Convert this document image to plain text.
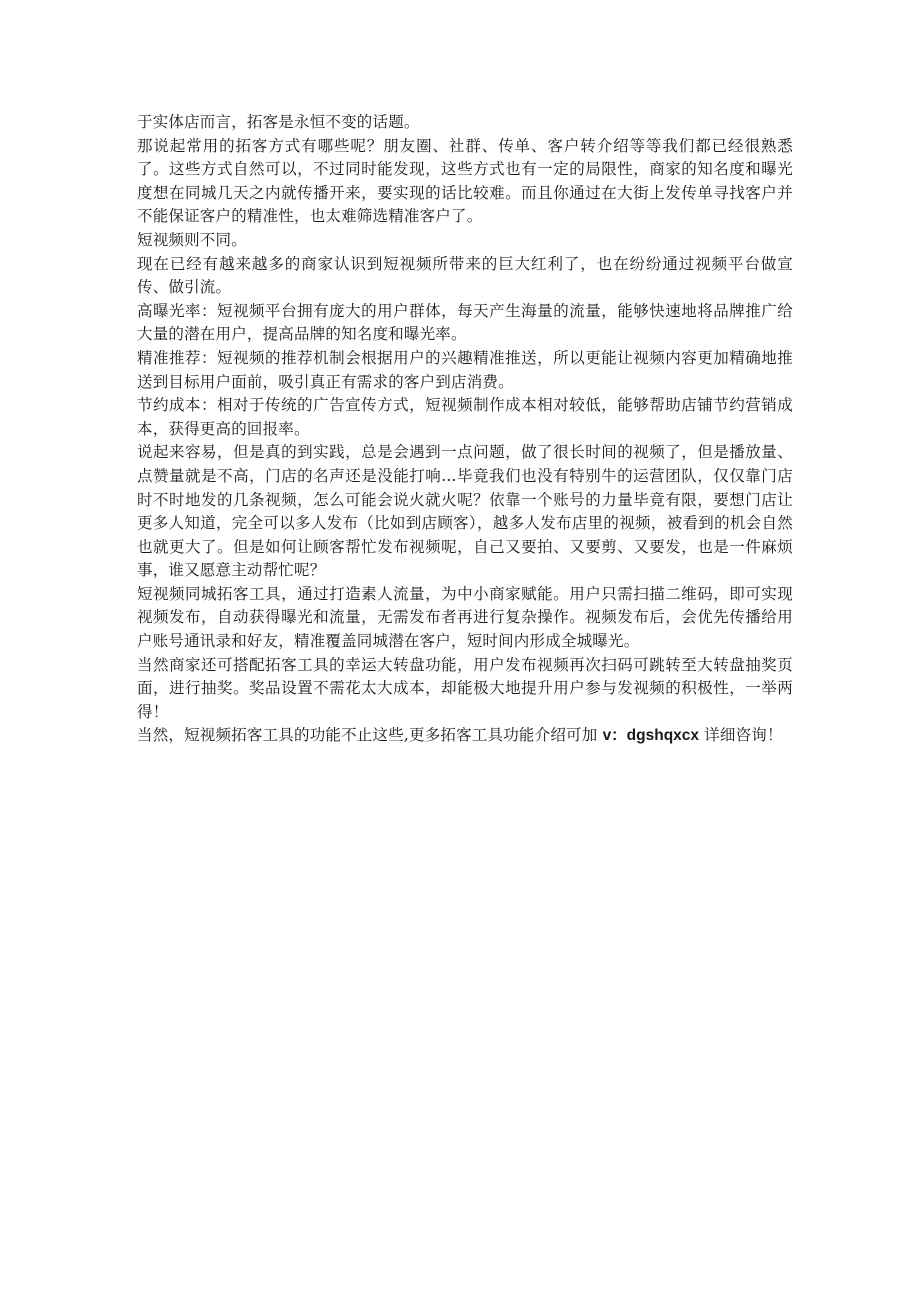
于实体店而言，拓客是永恒不变的话题。

那说起常用的拓客方式有哪些呢？朋友圈、社群、传单、客户转介绍等等我们都已经很熟悉了。这些方式自然可以，不过同时能发现，这些方式也有一定的局限性，商家的知名度和曝光度想在同城几天之内就传播开来，要实现的话比较难。而且你通过在大街上发传单寻找客户并不能保证客户的精准性，也太难筛选精准客户了。

短视频则不同。

现在已经有越来越多的商家认识到短视频所带来的巨大红利了，也在纷纷通过视频平台做宣传、做引流。

高曝光率：短视频平台拥有庞大的用户群体，每天产生海量的流量，能够快速地将品牌推广给大量的潜在用户，提高品牌的知名度和曝光率。

精准推荐：短视频的推荐机制会根据用户的兴趣精准推送，所以更能让视频内容更加精确地推送到目标用户面前，吸引真正有需求的客户到店消费。

节约成本：相对于传统的广告宣传方式，短视频制作成本相对较低，能够帮助店铺节约营销成本，获得更高的回报率。

说起来容易，但是真的到实践，总是会遇到一点问题，做了很长时间的视频了，但是播放量、点赞量就是不高，门店的名声还是没能打响...毕竟我们也没有特别牛的运营团队，仅仅靠门店时不时地发的几条视频，怎么可能会说火就火呢？依靠一个账号的力量毕竟有限，要想门店让更多人知道，完全可以多人发布（比如到店顾客），越多人发布店里的视频，被看到的机会自然也就更大了。但是如何让顾客帮忙发布视频呢，自己又要拍、又要剪、又要发，也是一件麻烦事，谁又愿意主动帮忙呢？

短视频同城拓客工具，通过打造素人流量，为中小商家赋能。用户只需扫描二维码，即可实现视频发布，自动获得曝光和流量，无需发布者再进行复杂操作。视频发布后，会优先传播给用户账号通讯录和好友，精准覆盖同城潜在客户，短时间内形成全城曝光。

当然商家还可搭配拓客工具的幸运大转盘功能，用户发布视频再次扫码可跳转至大转盘抽奖页面，进行抽奖。奖品设置不需花太大成本，却能极大地提升用户参与发视频的积极性，一举两得！

当然，短视频拓客工具的功能不止这些,更多拓客工具功能介绍可加 v：dgshqxcx 详细咨询！
